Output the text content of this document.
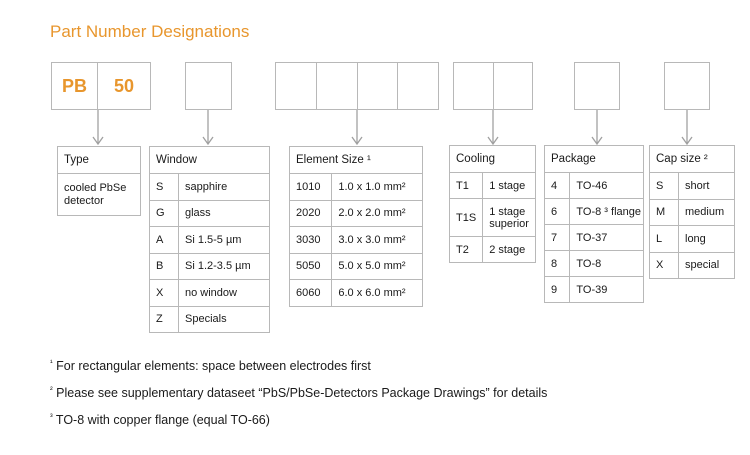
Part Number Designations
PB	50
Type
cooled PbSe detector
Window	
S	sapphire
G	glass
A	Si 1.5-5 µm
B	Si 1.2-3.5 µm
X	no window
Z	Specials
Element Size ¹	
1010	1.0 x 1.0 mm²
2020	2.0 x 2.0 mm²
3030	3.0 x 3.0 mm²
5050	5.0 x 5.0 mm²
6060	6.0 x 6.0 mm²
Cooling	
T1	1 stage
T1S	1 stage superior
T2	2 stage
Package	
4	TO-46
6	TO-8 ³ flange
7	TO-37
8	TO-8
9	TO-39
Cap size ²	
S	short
M	medium
L	long
X	special
$^{^1}$ For rectangular elements: space between electrodes first
$^{^2}$ Please see supplementary dataseet “PbS/PbSe-Detectors Package Drawings” for details
$^{^3}$ TO-8 with copper flange (equal TO-66)
